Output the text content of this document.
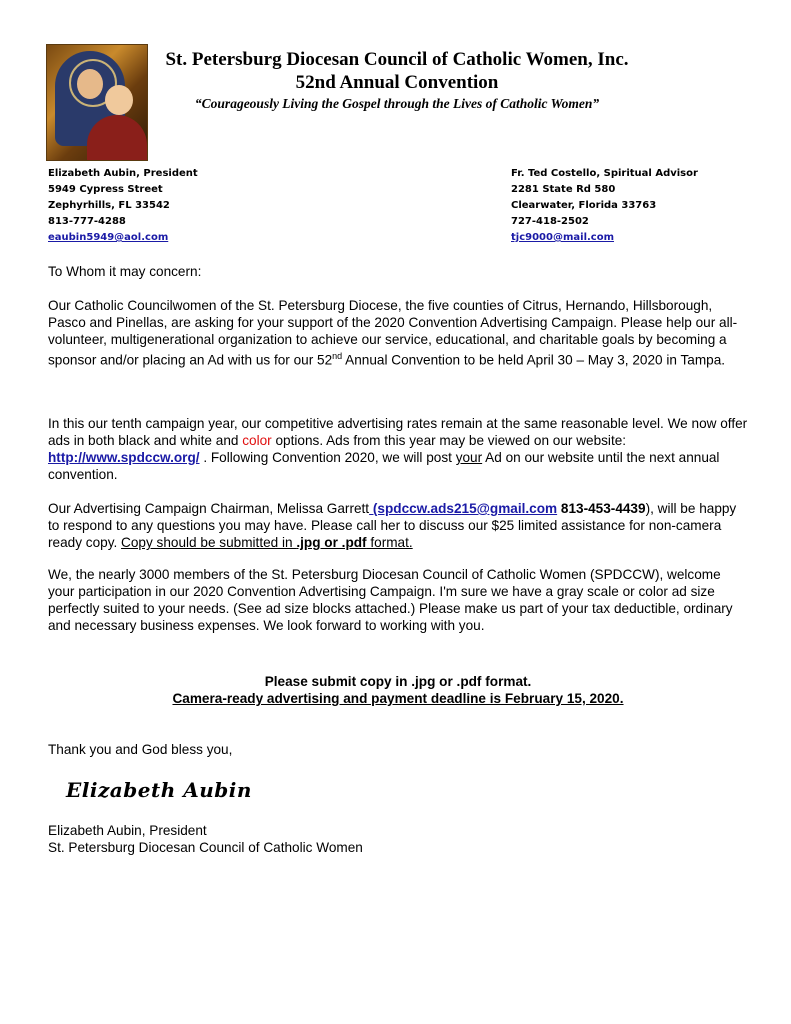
St. Petersburg Diocesan Council of Catholic Women, Inc.
52nd Annual Convention
“Courageously Living the Gospel through the Lives of Catholic Women”
Elizabeth Aubin, President
5949 Cypress Street
Zephyrhills, FL 33542
813-777-4288
eaubin5949@aol.com
Fr. Ted Costello, Spiritual Advisor
2281 State Rd 580
Clearwater, Florida 33763
727-418-2502
tjc9000@mail.com
To Whom it may concern:

Our Catholic Councilwomen of the St. Petersburg Diocese, the five counties of Citrus, Hernando, Hillsborough, Pasco and Pinellas, are asking for your support of the 2020 Convention Advertising Campaign. Please help our all-volunteer, multigenerational organization to achieve our service, educational, and charitable goals by becoming a sponsor and/or placing an Ad with us for our 52nd Annual Convention to be held April 30 – May 3, 2020 in Tampa.

In this our tenth campaign year, our competitive advertising rates remain at the same reasonable level. We now offer ads in both black and white and color options. Ads from this year may be viewed on our website: http://www.spdccw.org/ . Following Convention 2020, we will post your Ad on our website until the next annual convention.

Our Advertising Campaign Chairman, Melissa Garrett (spdccw.ads215@gmail.com 813-453-4439), will be happy to respond to any questions you may have. Please call her to discuss our $25 limited assistance for non-camera ready copy. Copy should be submitted in .jpg or .pdf format.

We, the nearly 3000 members of the St. Petersburg Diocesan Council of Catholic Women (SPDCCW), welcome your participation in our 2020 Convention Advertising Campaign. I'm sure we have a gray scale or color ad size perfectly suited to your needs. (See ad size blocks attached.) Please make us part of your tax deductible, ordinary and necessary business expenses. We look forward to working with you.
Please submit copy in .jpg or .pdf format.
Camera-ready advertising and payment deadline is February 15, 2020.
Thank you and God bless you,
Elizabeth Aubin
Elizabeth Aubin, President
St. Petersburg Diocesan Council of Catholic Women
